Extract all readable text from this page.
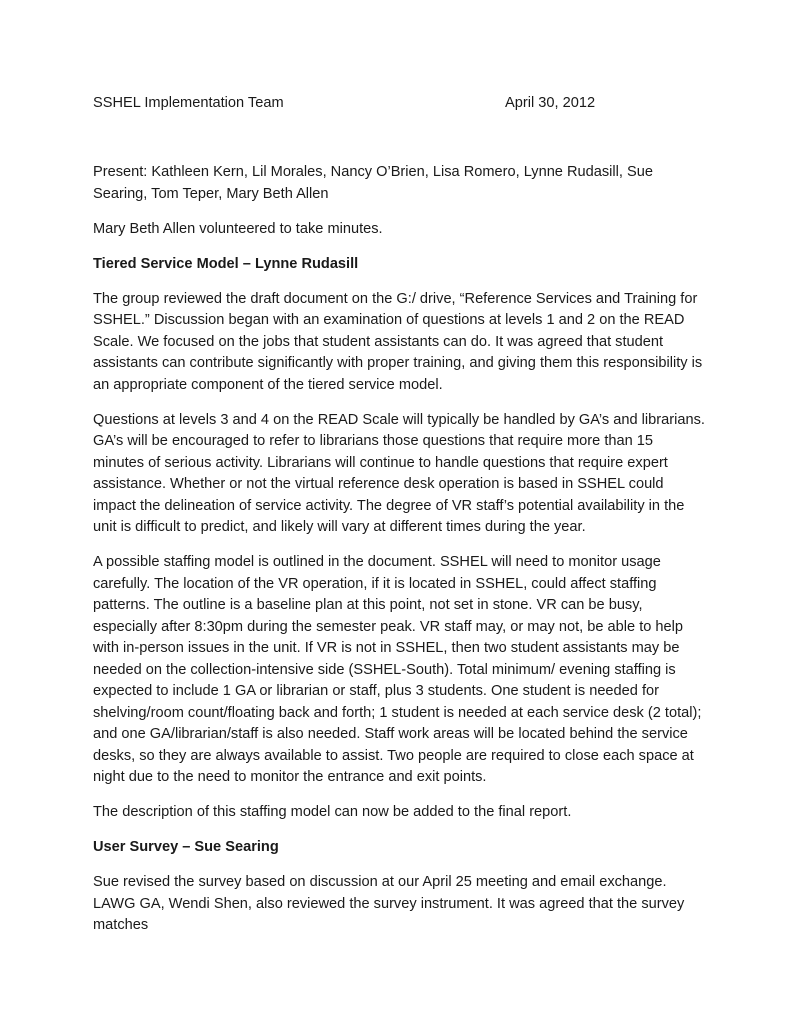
SSHEL Implementation Team	April 30, 2012

Present: Kathleen Kern, Lil Morales, Nancy O’Brien, Lisa Romero, Lynne Rudasill, Sue Searing, Tom Teper, Mary Beth Allen

Mary Beth Allen volunteered to take minutes.

Tiered Service Model – Lynne Rudasill

The group reviewed the draft document on the G:/ drive, “Reference Services and Training for SSHEL.” Discussion began with an examination of questions at levels 1 and 2 on the READ Scale. We focused on the jobs that student assistants can do. It was agreed that student assistants can contribute significantly with proper training, and giving them this responsibility is an appropriate component of the tiered service model.

Questions at levels 3 and 4 on the READ Scale will typically be handled by GA’s and librarians. GA’s will be encouraged to refer to librarians those questions that require more than 15 minutes of serious activity. Librarians will continue to handle questions that require expert assistance. Whether or not the virtual reference desk operation is based in SSHEL could impact the delineation of service activity. The degree of VR staff’s potential availability in the unit is difficult to predict, and likely will vary at different times during the year.

A possible staffing model is outlined in the document. SSHEL will need to monitor usage carefully. The location of the VR operation, if it is located in SSHEL, could affect staffing patterns. The outline is a baseline plan at this point, not set in stone. VR can be busy, especially after 8:30pm during the semester peak. VR staff may, or may not, be able to help with in-person issues in the unit. If VR is not in SSHEL, then two student assistants may be needed on the collection-intensive side (SSHEL-South). Total minimum/ evening staffing is expected to include 1 GA or librarian or staff, plus 3 students. One student is needed for shelving/room count/floating back and forth; 1 student is needed at each service desk (2 total); and one GA/librarian/staff is also needed. Staff work areas will be located behind the service desks, so they are always available to assist. Two people are required to close each space at night due to the need to monitor the entrance and exit points.

The description of this staffing model can now be added to the final report.

User Survey – Sue Searing

Sue revised the survey based on discussion at our April 25 meeting and email exchange. LAWG GA, Wendi Shen, also reviewed the survey instrument. It was agreed that the survey matches
